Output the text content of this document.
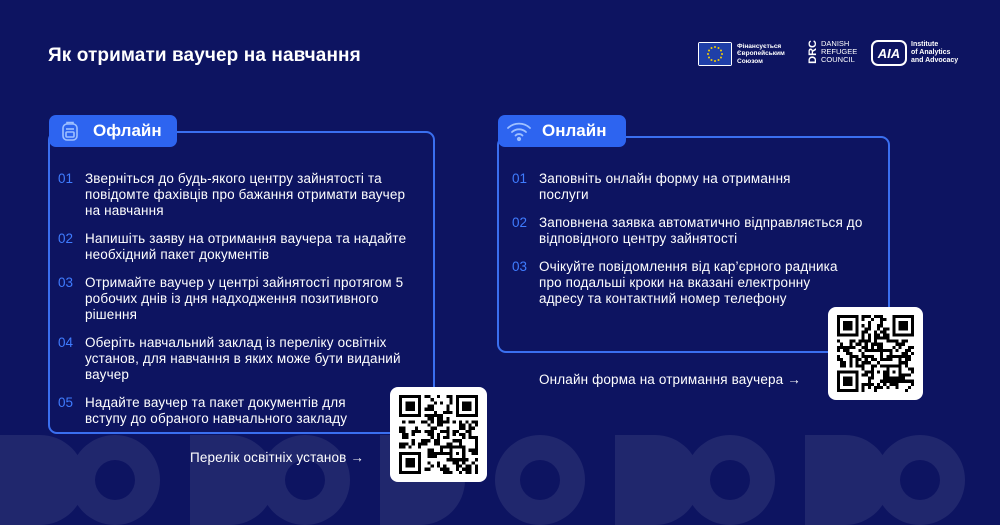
Як отримати ваучер на навчання	Фінансується Європейським Союзом	DRC DANISH
REFUGEE
COUNCIL	AIA
Institute
of Analytics
and Advocacy
Офлайн
01 Зверніться до будь-якого центру зайнятості та повідомте фахівців про бажання отримати ваучер на навчання
02 Напишіть заяву на отримання ваучера та надайте необхідний пакет документів
03 Отримайте ваучер у центрі зайнятості протягом 5 робочих днів із дня надходження позитивного рішення
04 Оберіть навчальний заклад із переліку освітніх установ, для навчання в яких може бути виданий ваучер
05 Надайте ваучер та пакет документів для вступу до обраного навчального закладу
Перелік освітніх установ →
Онлайн
01 Заповніть онлайн форму на отримання послуги
02 Заповнена заявка автоматично відправляється до відповідного центру зайнятості
03 Очікуйте повідомлення від кар’єрного радника про подальші кроки на вказані електронну адресу та контактний номер телефону
Онлайн форма на отримання ваучера →
